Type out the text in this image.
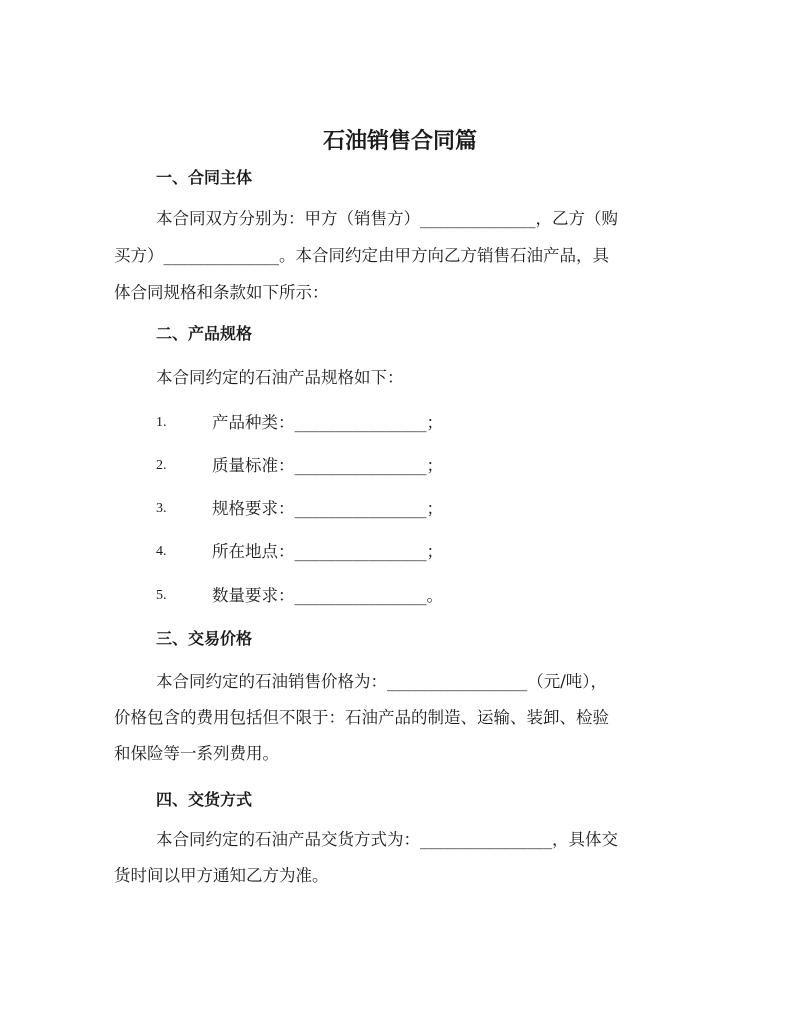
石油销售合同篇
一、合同主体
本合同双方分别为：甲方（销售方）______________，乙方（购
买方）______________。本合同约定由甲方向乙方销售石油产品，具
体合同规格和条款如下所示：
二、产品规格
本合同约定的石油产品规格如下：
1.	产品种类：________________；
2.	质量标准：________________；
3.	规格要求：________________；
4.	所在地点：________________；
5.	数量要求：________________。
三、交易价格
本合同约定的石油销售价格为：_________________（元/吨），
价格包含的费用包括但不限于：石油产品的制造、运输、装卸、检验
和保险等一系列费用。
四、交货方式
本合同约定的石油产品交货方式为：________________，具体交
货时间以甲方通知乙方为准。
